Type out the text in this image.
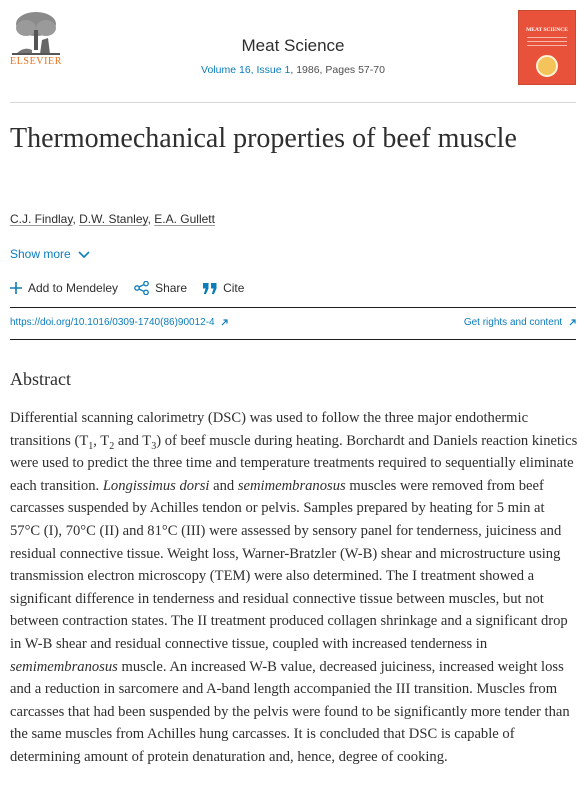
ELSEVIER
Meat Science
Volume 16, Issue 1, 1986, Pages 57-70
MEAT SCIENCE
Thermomechanical properties of beef muscle
C.J. Findlay, D.W. Stanley, E.A. Gullett
Show more
Add to Mendeley	Share	Cite
https://doi.org/10.1016/0309-1740(86)90012-4	Get rights and content
Abstract

Differential scanning calorimetry (DSC) was used to follow the three major endothermic transitions ($T_1$, $T_2$ and $T_3$) of beef muscle during heating. Borchardt and Daniels reaction kinetics were used to predict the three time and temperature treatments required to sequentially eliminate each transition. Longissimus dorsi and semimembranosus muscles were removed from beef carcasses suspended by Achilles tendon or pelvis. Samples prepared by heating for 5 min at 57°C (I), 70°C (II) and 81°C (III) were assessed by sensory panel for tenderness, juiciness and residual connective tissue. Weight loss, Warner-Bratzler (W-B) shear and microstructure using transmission electron microscopy (TEM) were also determined. The I treatment showed a significant difference in tenderness and residual connective tissue between muscles, but not between contraction states. The II treatment produced collagen shrinkage and a significant drop in W-B shear and residual connective tissue, coupled with increased tenderness in semimembranosus muscle. An increased W-B value, decreased juiciness, increased weight loss and a reduction in sarcomere and A-band length accompanied the III transition. Muscles from carcasses that had been suspended by the pelvis were found to be significantly more tender than the same muscles from Achilles hung carcasses. It is concluded that DSC is capable of determining amount of protein denaturation and, hence, degree of cooking.
